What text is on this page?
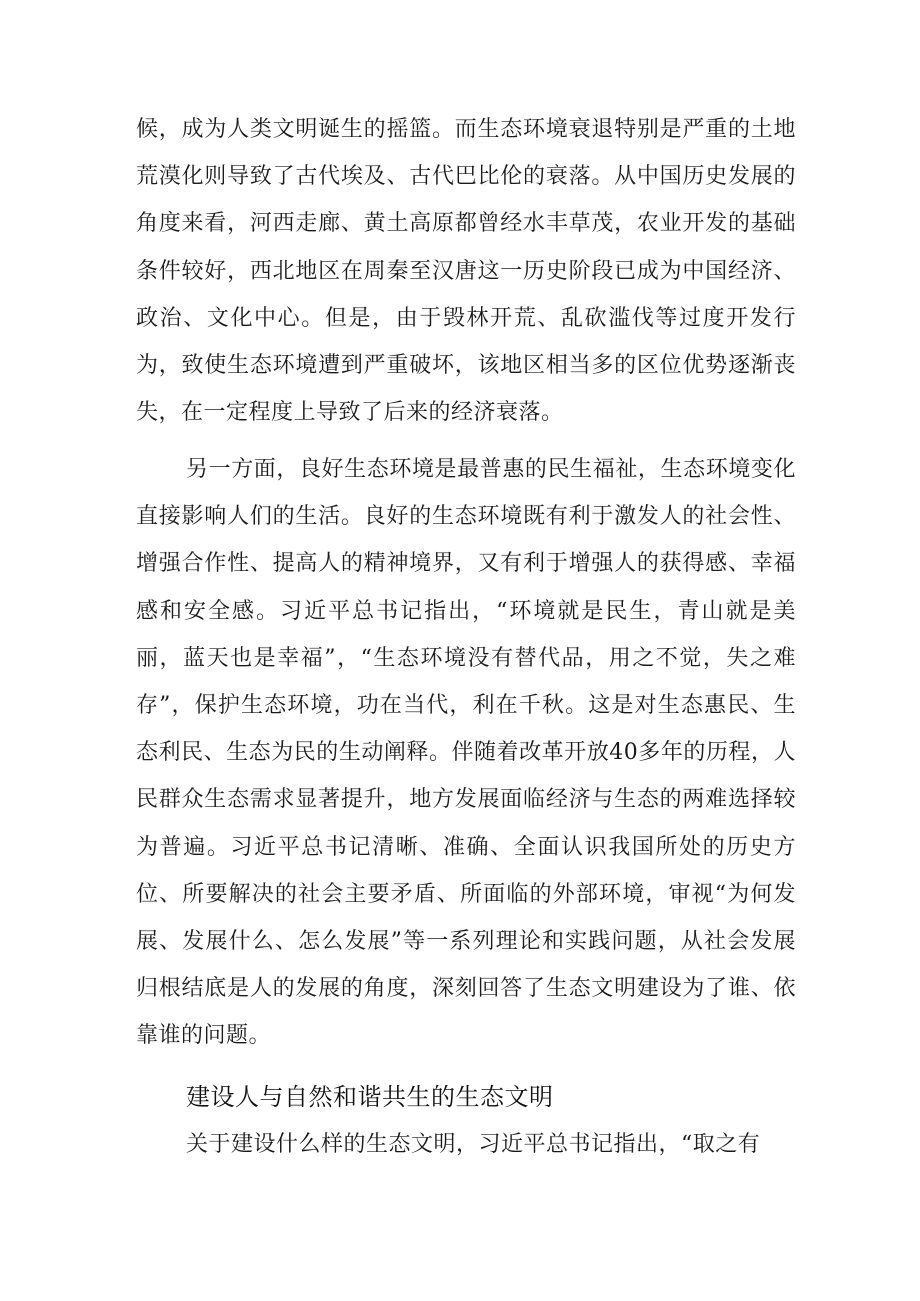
候，成为人类文明诞生的摇篮。而生态环境衰退特别是严重的土地荒漠化则导致了古代埃及、古代巴比伦的衰落。从中国历史发展的角度来看，河西走廊、黄土高原都曾经水丰草茂，农业开发的基础条件较好，西北地区在周秦至汉唐这一历史阶段已成为中国经济、政治、文化中心。但是，由于毁林开荒、乱砍滥伐等过度开发行为，致使生态环境遭到严重破坏，该地区相当多的区位优势逐渐丧失，在一定程度上导致了后来的经济衰落。

另一方面，良好生态环境是最普惠的民生福祉，生态环境变化直接影响人们的生活。良好的生态环境既有利于激发人的社会性、增强合作性、提高人的精神境界，又有利于增强人的获得感、幸福感和安全感。习近平总书记指出，“环境就是民生，青山就是美丽，蓝天也是幸福”，“生态环境没有替代品，用之不觉，失之难存”，保护生态环境，功在当代，利在千秋。这是对生态惠民、生态利民、生态为民的生动阐释。伴随着改革开放40多年的历程，人民群众生态需求显著提升，地方发展面临经济与生态的两难选择较为普遍。习近平总书记清晰、准确、全面认识我国所处的历史方位、所要解决的社会主要矛盾、所面临的外部环境，审视“为何发展、发展什么、怎么发展”等一系列理论和实践问题，从社会发展归根结底是人的发展的角度，深刻回答了生态文明建设为了谁、依靠谁的问题。

建设人与自然和谐共生的生态文明

关于建设什么样的生态文明，习近平总书记指出，“取之有
